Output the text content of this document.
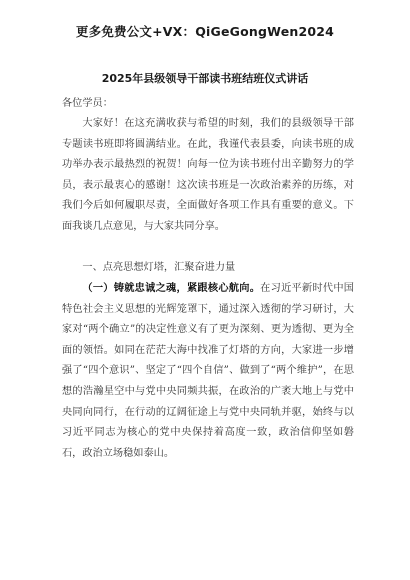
更多免费公文+VX：QiGeGongWen2024
2025年县级领导干部读书班结班仪式讲话
各位学员：
大家好！在这充满收获与希望的时刻，我们的县级领导干部专题读书班即将圆满结业。在此，我谨代表县委，向读书班的成功举办表示最热烈的祝贺！向每一位为读书班付出辛勤努力的学员，表示最衷心的感谢！这次读书班是一次政治素养的历练，对我们今后如何履职尽责，全面做好各项工作具有重要的意义。下面我谈几点意见，与大家共同分享。
一、点亮思想灯塔，汇聚奋进力量
（一）铸就忠诚之魂，紧跟核心航向。在习近平新时代中国特色社会主义思想的光辉笼罩下，通过深入透彻的学习研讨，大家对“两个确立”的决定性意义有了更为深刻、更为透彻、更为全面的领悟。如同在茫茫大海中找准了灯塔的方向，大家进一步增强了“四个意识”、坚定了“四个自信”、做到了“两个维护”，在思想的浩瀚星空中与党中央同频共振，在政治的广袤大地上与党中央同向同行，在行动的辽阔征途上与党中央同轨并驱，始终与以习近平同志为核心的党中央保持着高度一致，政治信仰坚如磐石，政治立场稳如泰山。
